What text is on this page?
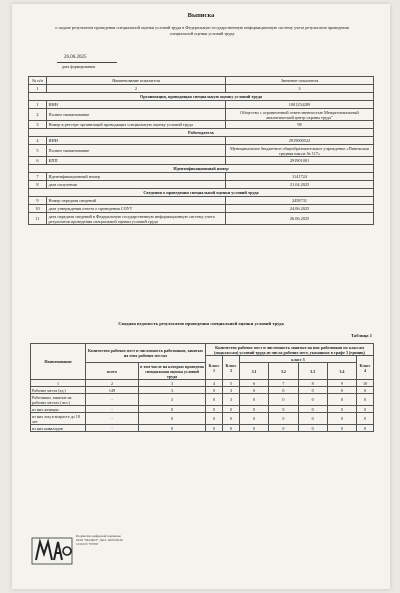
Выписка
о подаче результатов проведения специальной оценки условий труда в Федеральную государственную информационную систему учета результатов проведения специальной оценки условий труда
26.06.2025
дата формирования
№ п/п	Наименование показателя	Значение показателя
1	2	3
Организация, проводящая специальную оценку условий труда		
1	ИНН	1001254289
2	Полное наименование	Общество с ограниченной ответственностью Межрегиональный аналитический центр охраны труда"
3	Номер в реестре организаций проводящих специальную оценку условий труда	98
Работодатель		
4	ИНН	2919000522
5	Полное наименование	Муниципальное бюджетное общеобразовательное учреждение «Пинежская средняя школа № 117»
6	КПП	291901001
Идентификационный номер		
7	Идентификационный номер	1141724
8	дата получения	21.04.2025
Сведения о проведении специальной оценки условий труда		
9	Номер передачи сведений	2458731
10	дата утверждения отчета о проведении СОУТ	24.06.2025
11	дата передачи сведений в Федеральную государственную информационную систему учета результатов проведения специальной оценки условий труда	26.06.2025
Сводная ведомость результатов проведения специальной оценки условий труда
Таблица 1
Наименование	Количество рабочих мест и численность работников, занятых на этих рабочих местах		Количество рабочих мест и численность занятых на них работников по классам (подклассам) условий труда из числа рабочих мест, указанных в графе 3 (единиц)						
			Класс 1	Класс 2	класс 3				Класс 4
	всего	в том числе на которых проведена специальная оценка условий труда			3.1	3.2	3.3	3.4	
1	2	3	4	5	6	7	8	9	10
Рабочие места (ед.)	149	3	0	3	0	0	0	0	0
Работники, занятые на рабочих местах (чел.)	-	3	0	3	0	0	0	0	0
из них женщин	-	0	0	0	0	0	0	0	0
из них лиц в возрасте до 18 лет	-	0	0	0	0	0	0	0	0
из них инвалидов	-	0	0	0	0	0	0	0	0
Подписано цифровой подписью ООО "МАЦОТ" Дата: 2025.06.26 12:02:25 +03'00'
